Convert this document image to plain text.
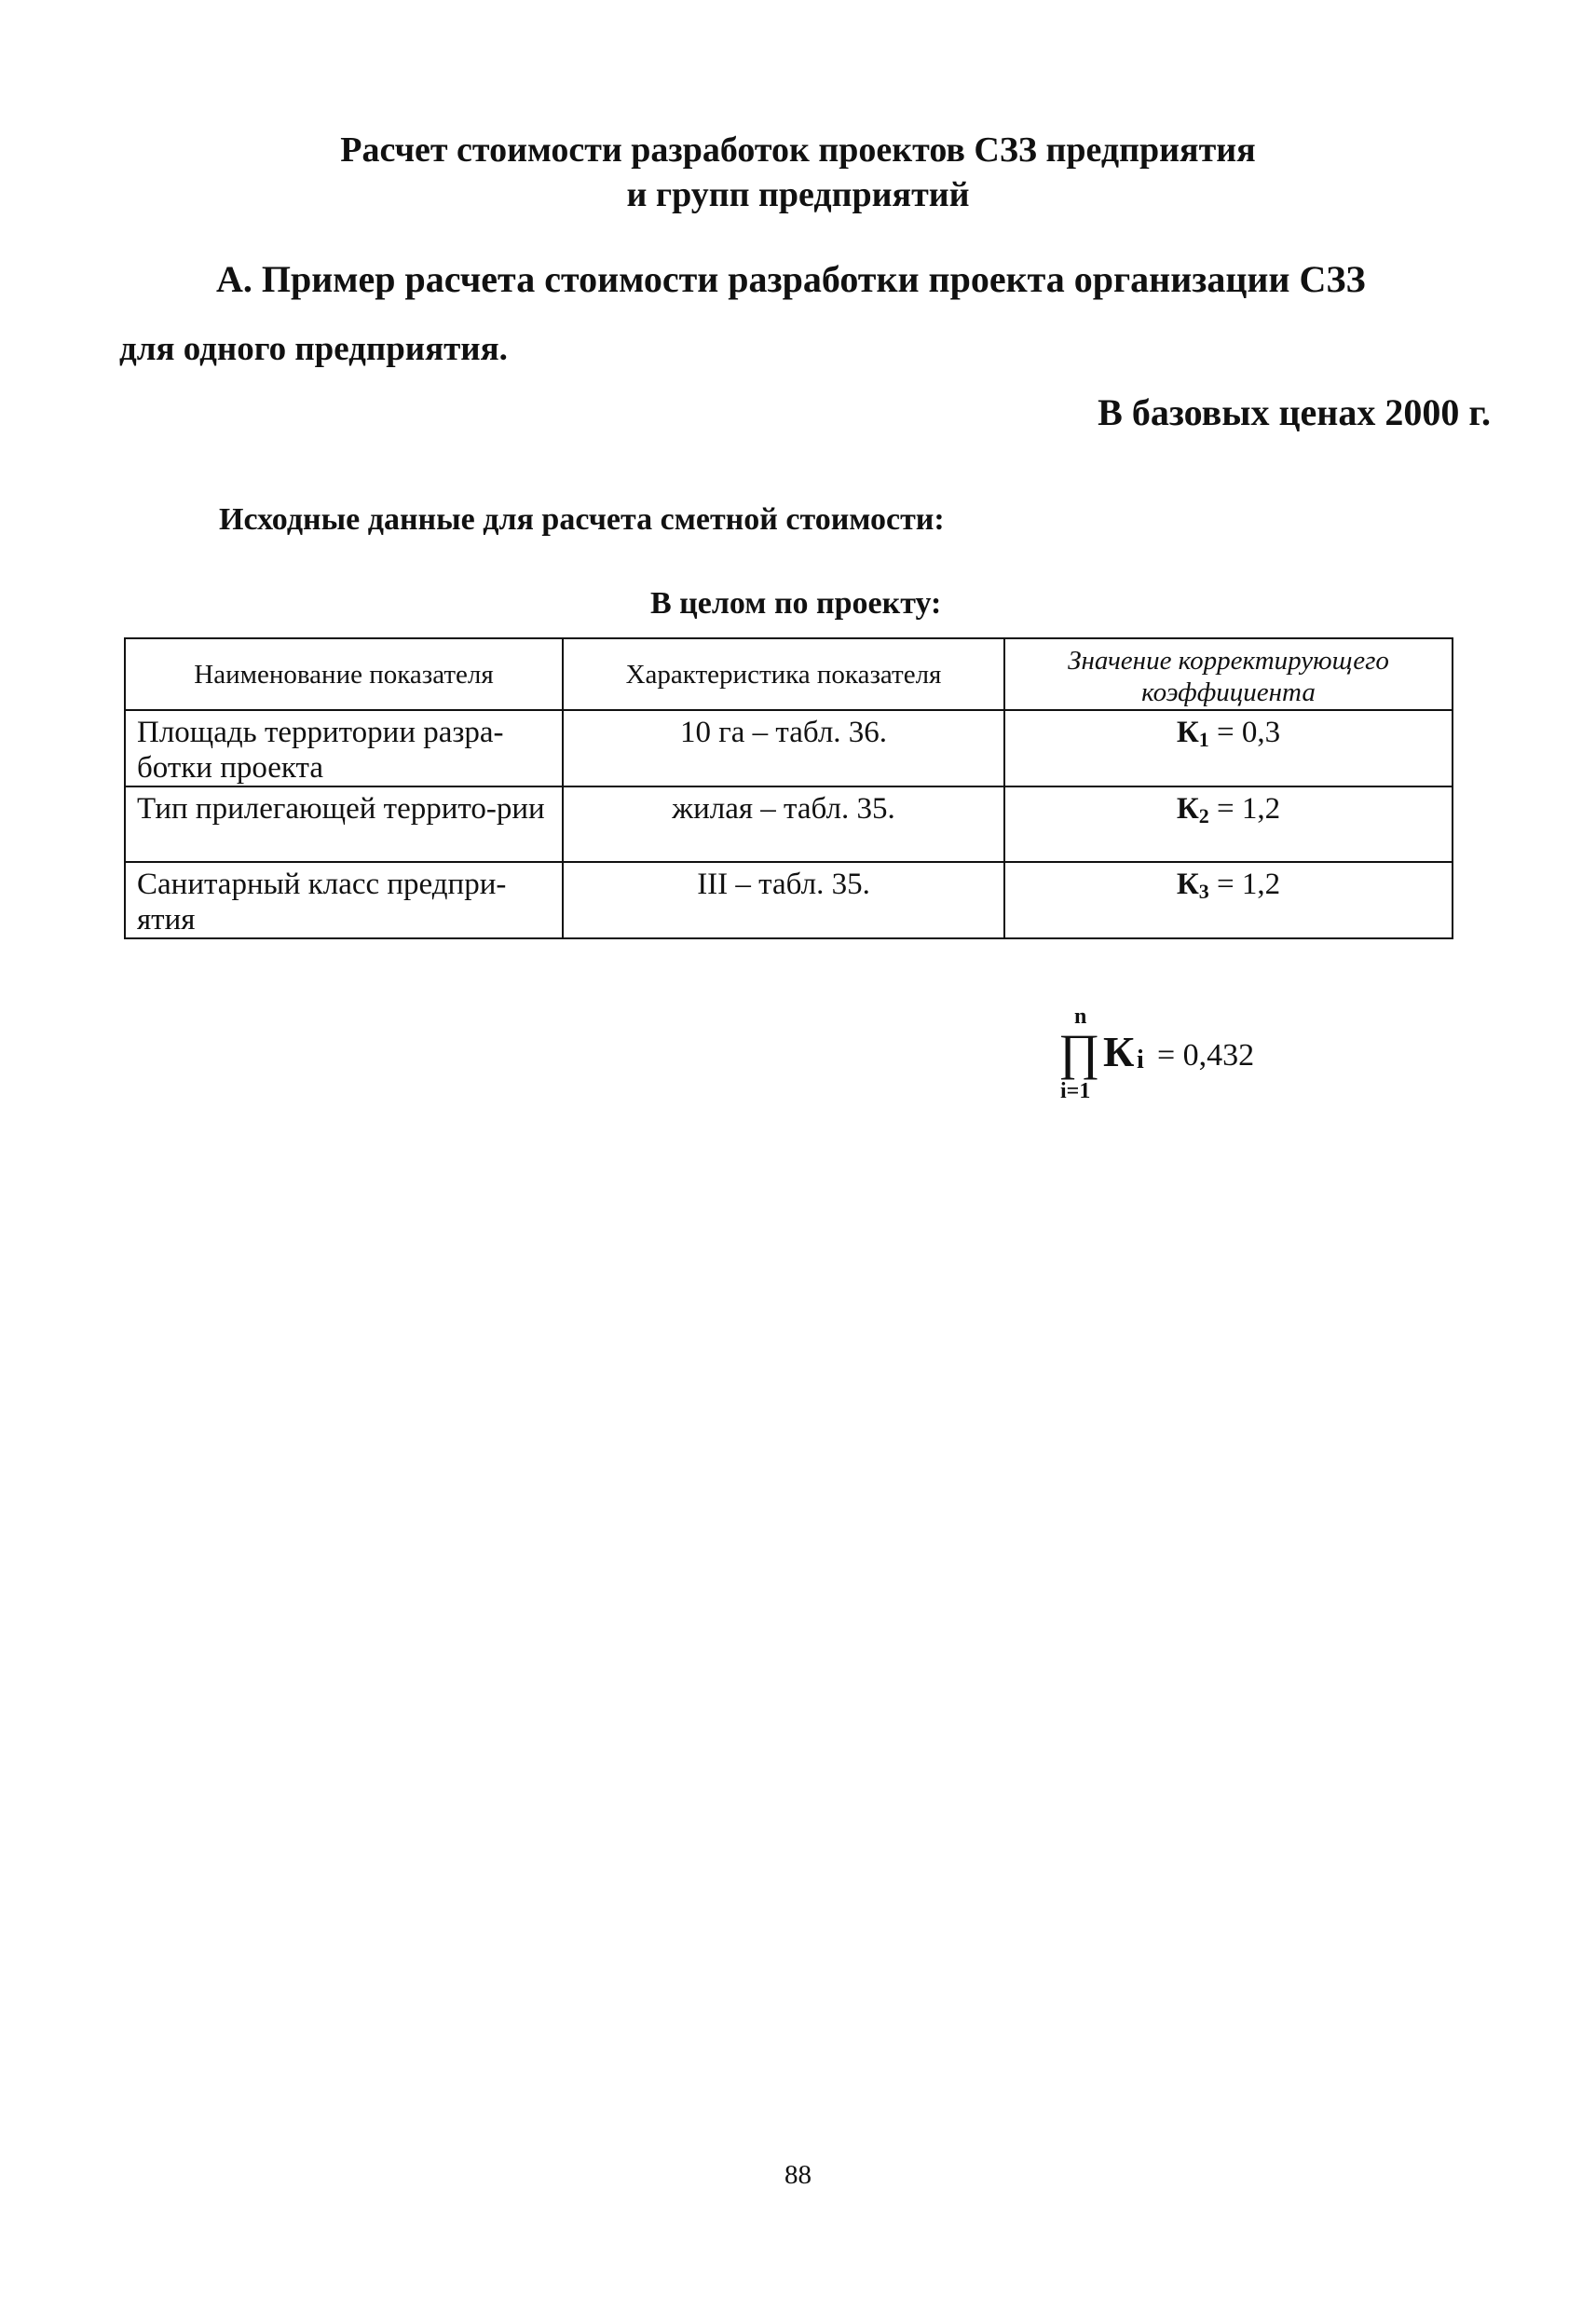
Расчет стоимости разработок проектов СЗЗ предприятия
и групп предприятий
А. Пример расчета стоимости разработки проекта организации СЗЗ
для одного предприятия.
В базовых ценах 2000 г.
Исходные данные для расчета сметной стоимости:
В целом по проекту:
Наименование показателя	Характеристика показателя	Значение корректирующего коэффициента
Площадь территории разра-ботки проекта	10 га – табл. 36.	$К_1 = 0,3$
Тип прилегающей террито-рии	жилая – табл. 35.	$К_2 = 1,2$
Санитарный класс предпри-ятия	III – табл. 35.	$К_3 = 1,2$
n
∏ К i = 0,432
i=1
88
